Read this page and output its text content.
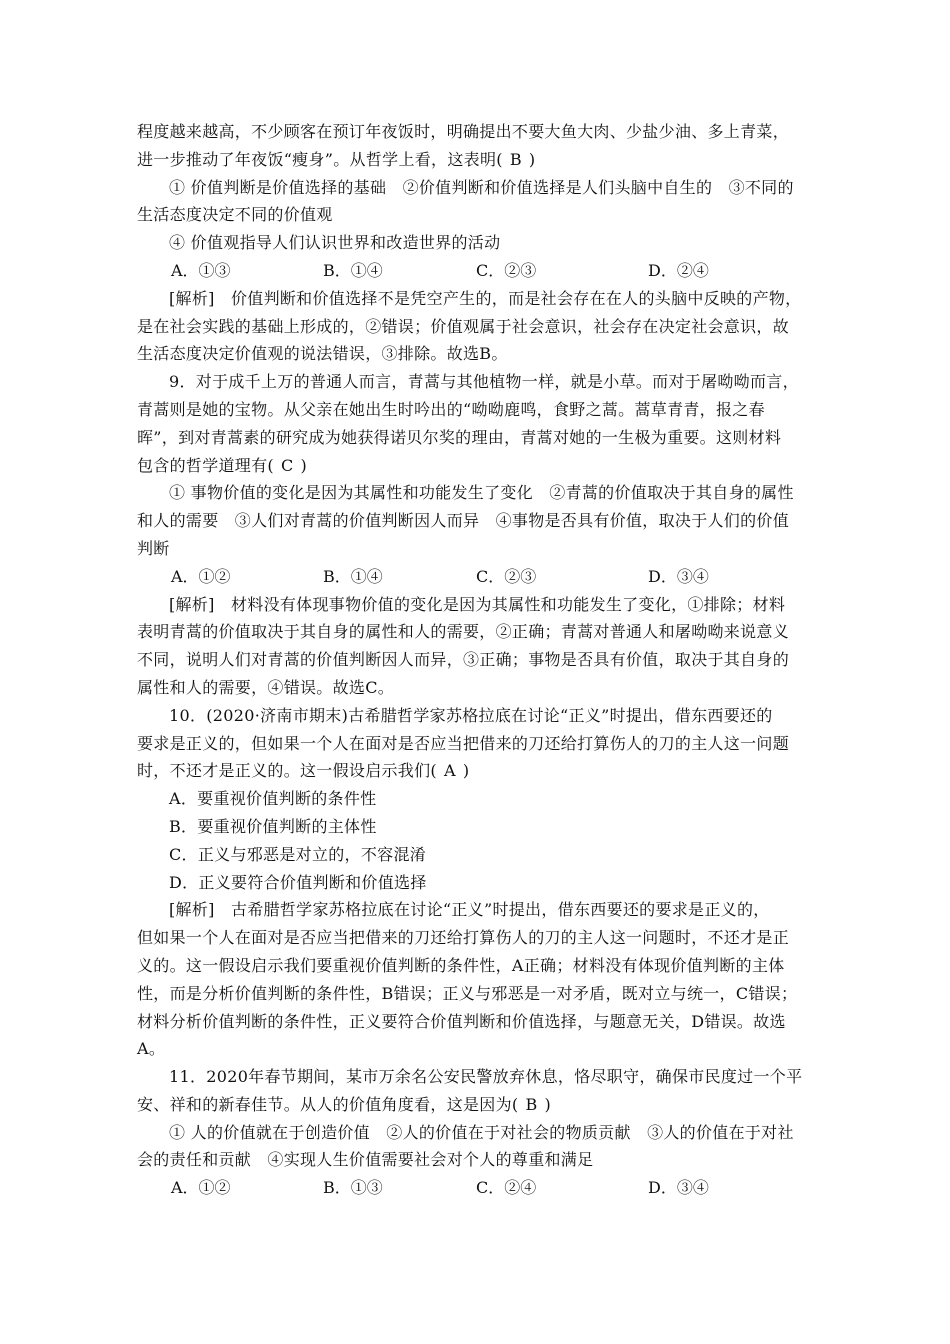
程度越来越高，不少顾客在预订年夜饭时，明确提出不要大鱼大肉、少盐少油、多上青菜，
进一步推动了年夜饭“瘦身”。从哲学上看，这表明( B )
① 价值判断是价值选择的基础　②价值判断和价值选择是人们头脑中自生的　③不同的
生活态度决定不同的价值观
④ 价值观指导人们认识世界和改造世界的活动
A．①③	B．①④	C．②③	D．②④
[解析]　价值判断和价值选择不是凭空产生的，而是社会存在在人的头脑中反映的产物，
是在社会实践的基础上形成的，②错误；价值观属于社会意识，社会存在决定社会意识，故
生活态度决定价值观的说法错误，③排除。故选B。
9．对于成千上万的普通人而言，青蒿与其他植物一样，就是小草。而对于屠呦呦而言，
青蒿则是她的宝物。从父亲在她出生时吟出的“呦呦鹿鸣，食野之蒿。蒿草青青，报之春
晖”，到对青蒿素的研究成为她获得诺贝尔奖的理由，青蒿对她的一生极为重要。这则材料
包含的哲学道理有( C )
① 事物价值的变化是因为其属性和功能发生了变化　②青蒿的价值取决于其自身的属性
和人的需要　③人们对青蒿的价值判断因人而异　④事物是否具有价值，取决于人们的价值
判断
A．①②	B．①④	C．②③	D．③④
[解析]　材料没有体现事物价值的变化是因为其属性和功能发生了变化，①排除；材料
表明青蒿的价值取决于其自身的属性和人的需要，②正确；青蒿对普通人和屠呦呦来说意义
不同，说明人们对青蒿的价值判断因人而异，③正确；事物是否具有价值，取决于其自身的
属性和人的需要，④错误。故选C。
10．(2020·济南市期末)古希腊哲学家苏格拉底在讨论“正义”时提出，借东西要还的
要求是正义的，但如果一个人在面对是否应当把借来的刀还给打算伤人的刀的主人这一问题
时，不还才是正义的。这一假设启示我们( A )
A．要重视价值判断的条件性
B．要重视价值判断的主体性
C．正义与邪恶是对立的，不容混淆
D．正义要符合价值判断和价值选择
[解析]　古希腊哲学家苏格拉底在讨论“正义”时提出，借东西要还的要求是正义的，
但如果一个人在面对是否应当把借来的刀还给打算伤人的刀的主人这一问题时，不还才是正
义的。这一假设启示我们要重视价值判断的条件性，A正确；材料没有体现价值判断的主体
性，而是分析价值判断的条件性，B错误；正义与邪恶是一对矛盾，既对立与统一，C错误；
材料分析价值判断的条件性，正义要符合价值判断和价值选择，与题意无关，D错误。故选
A。
11．2020年春节期间，某市万余名公安民警放弃休息，恪尽职守，确保市民度过一个平
安、祥和的新春佳节。从人的价值角度看，这是因为( B )
① 人的价值就在于创造价值　②人的价值在于对社会的物质贡献　③人的价值在于对社
会的责任和贡献　④实现人生价值需要社会对个人的尊重和满足
A．①②	B．①③	C．②④	D．③④
